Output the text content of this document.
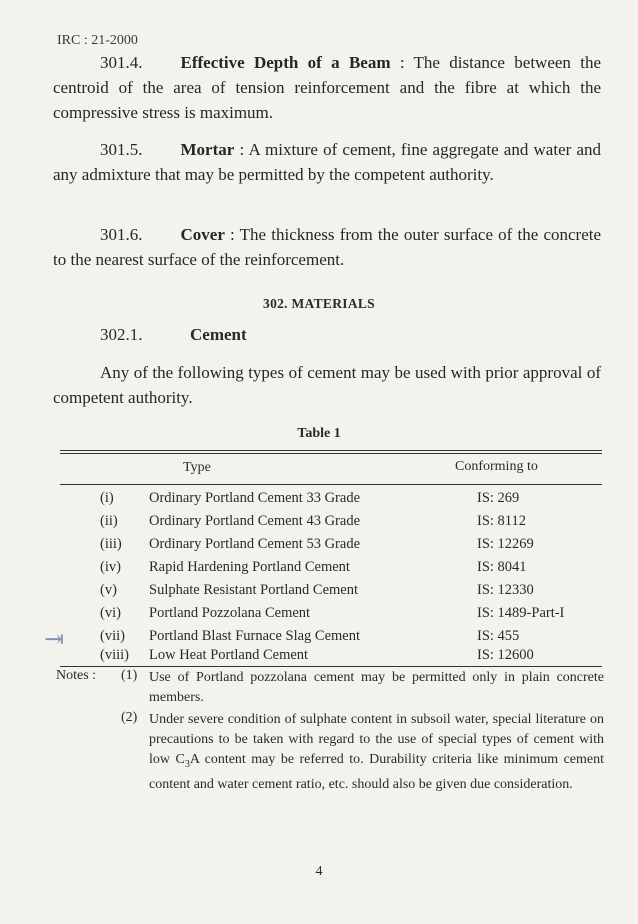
IRC : 21-2000
301.4. Effective Depth of a Beam : The distance between the centroid of the area of tension reinforcement and the fibre at which the compressive stress is maximum.
301.5. Mortar : A mixture of cement, fine aggregate and water and any admixture that may be permitted by the competent authority.
301.6. Cover : The thickness from the outer surface of the concrete to the nearest surface of the reinforcement.
302. MATERIALS
302.1.	Cement
Any of the following types of cement may be used with prior approval of competent authority.
Table 1
Type	Conforming to
(i)	Ordinary Portland Cement 33 Grade	IS: 269
(ii)	Ordinary Portland Cement 43 Grade	IS: 8112
(iii)	Ordinary Portland Cement 53 Grade	IS: 12269
(iv)	Rapid Hardening Portland Cement	IS: 8041
(v)	Sulphate Resistant Portland Cement	IS: 12330
(vi)	Portland Pozzolana Cement	IS: 1489-Part-I
(vii)	Portland Blast Furnace Slag Cement	IS: 455
(viii)	Low Heat Portland Cement	IS: 12600
⇥
Notes : (1) Use of Portland pozzolana cement may be permitted only in plain concrete members.
(2) Under severe condition of sulphate content in subsoil water, special literature on precautions to be taken with regard to the use of special types of cement with low $C_3A$ content may be referred to. Durability criteria like minimum cement content and water cement ratio, etc. should also be given due consideration.
4
